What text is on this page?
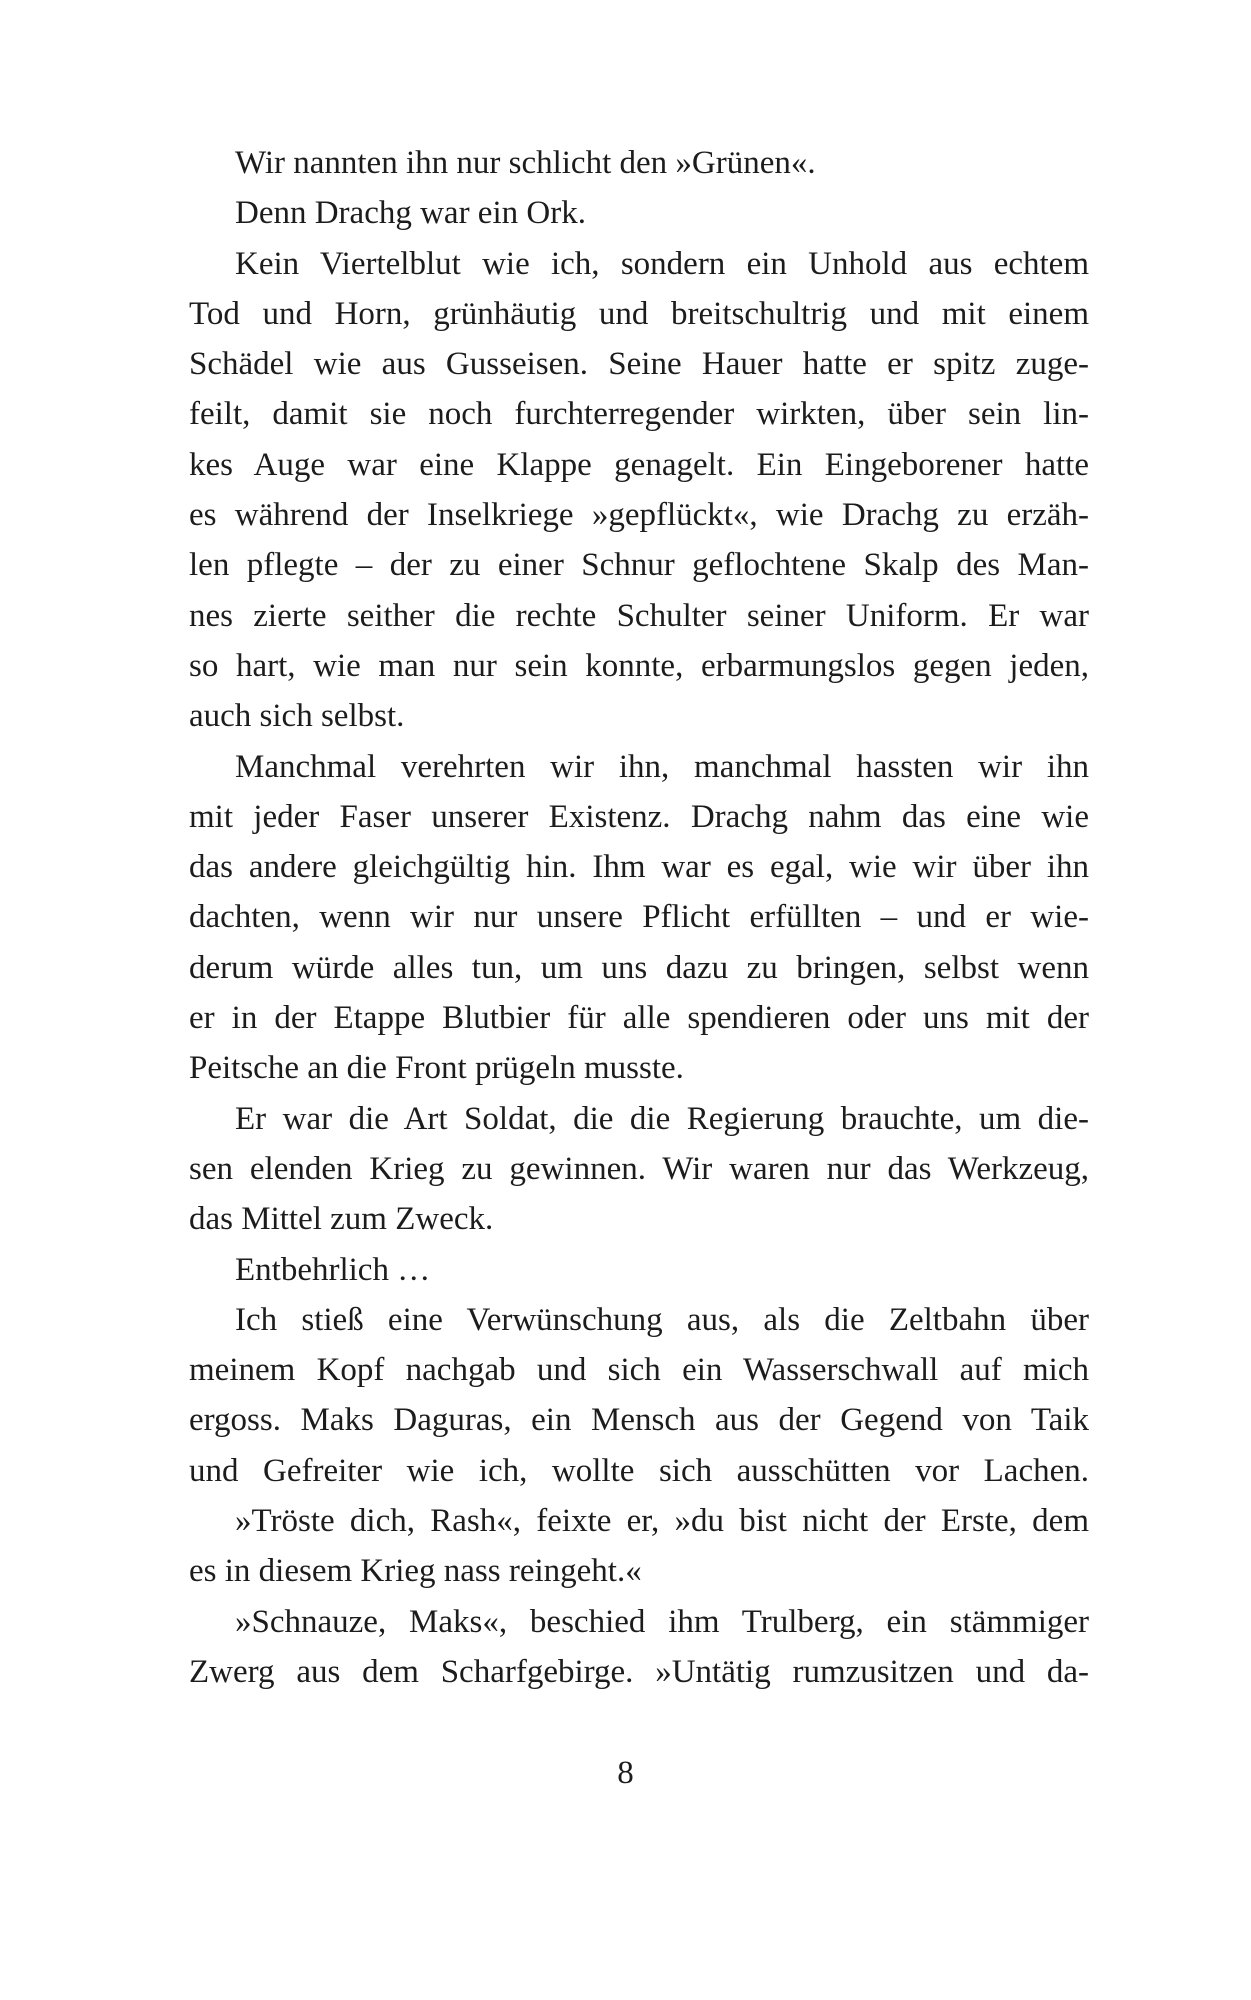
Wir nannten ihn nur schlicht den »Grünen«.
Denn Drachg war ein Ork.
Kein Viertelblut wie ich, sondern ein Unhold aus echtem
Tod und Horn, grünhäutig und breitschultrig und mit einem
Schädel wie aus Gusseisen. Seine Hauer hatte er spitz zuge-
feilt, damit sie noch furchterregender wirkten, über sein lin-
kes Auge war eine Klappe genagelt. Ein Eingeborener hatte
es während der Inselkriege »gepflückt«, wie Drachg zu erzäh-
len pflegte – der zu einer Schnur geflochtene Skalp des Man-
nes zierte seither die rechte Schulter seiner Uniform. Er war
so hart, wie man nur sein konnte, erbarmungslos gegen jeden,
auch sich selbst.
Manchmal verehrten wir ihn, manchmal hassten wir ihn
mit jeder Faser unserer Existenz. Drachg nahm das eine wie
das andere gleichgültig hin. Ihm war es egal, wie wir über ihn
dachten, wenn wir nur unsere Pflicht erfüllten – und er wie-
derum würde alles tun, um uns dazu zu bringen, selbst wenn
er in der Etappe Blutbier für alle spendieren oder uns mit der
Peitsche an die Front prügeln musste.
Er war die Art Soldat, die die Regierung brauchte, um die-
sen elenden Krieg zu gewinnen. Wir waren nur das Werkzeug,
das Mittel zum Zweck.
Entbehrlich …
Ich stieß eine Verwünschung aus, als die Zeltbahn über
meinem Kopf nachgab und sich ein Wasserschwall auf mich
ergoss. Maks Daguras, ein Mensch aus der Gegend von Taik
und Gefreiter wie ich, wollte sich ausschütten vor Lachen.
»Tröste dich, Rash«, feixte er, »du bist nicht der Erste, dem
es in diesem Krieg nass reingeht.«
»Schnauze, Maks«, beschied ihm Trulberg, ein stämmiger
Zwerg aus dem Scharfgebirge. »Untätig rumzusitzen und da-
8
